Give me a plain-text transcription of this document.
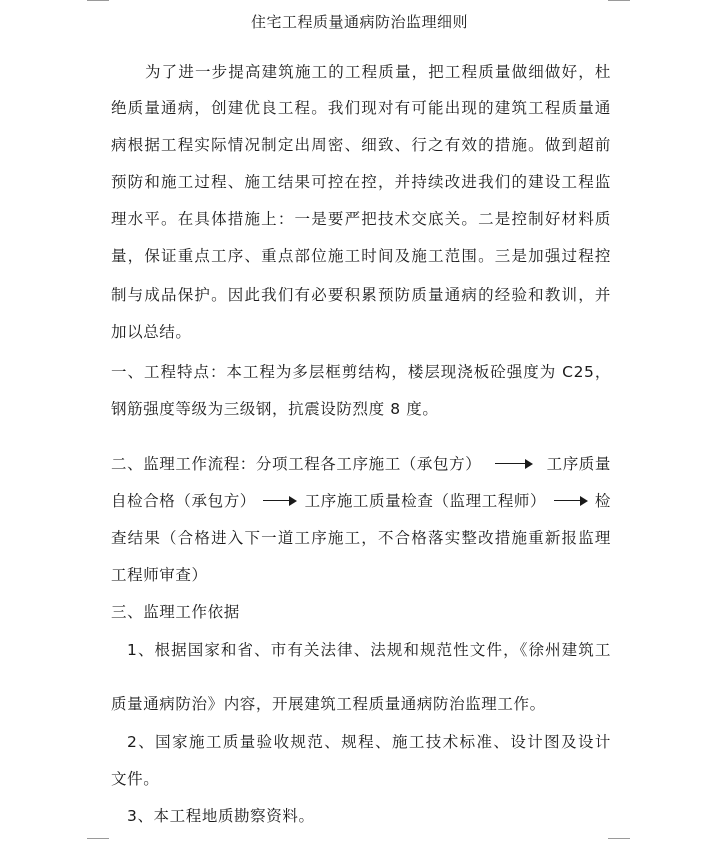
住宅工程质量通病防治监理细则
为了进一步提高建筑施工的工程质量，把工程质量做细做好，杜
绝质量通病，创建优良工程。我们现对有可能出现的建筑工程质量通
病根据工程实际情况制定出周密、细致、行之有效的措施。做到超前
预防和施工过程、施工结果可控在控，并持续改进我们的建设工程监
理水平。在具体措施上：一是要严把技术交底关。二是控制好材料质
量，保证重点工序、重点部位施工时间及施工范围。三是加强过程控
制与成品保护。因此我们有必要积累预防质量通病的经验和教训，并
加以总结。
一、工程特点：本工程为多层框剪结构，楼层现浇板砼强度为 C25，
钢筋强度等级为三级钢，抗震设防烈度 8 度。
二、监理工作流程：分项工程各工序施工（承包方）	工序质量
自检合格（承包方）	工序施工质量检查（监理工程师）	检
查结果（合格进入下一道工序施工，不合格落实整改措施重新报监理
工程师审查）
三、监理工作依据
1、根据国家和省、市有关法律、法规和规范性文件，《徐州建筑工
质量通病防治》内容，开展建筑工程质量通病防治监理工作。
2、国家施工质量验收规范、规程、施工技术标准、设计图及设计
文件。
3、本工程地质勘察资料。
